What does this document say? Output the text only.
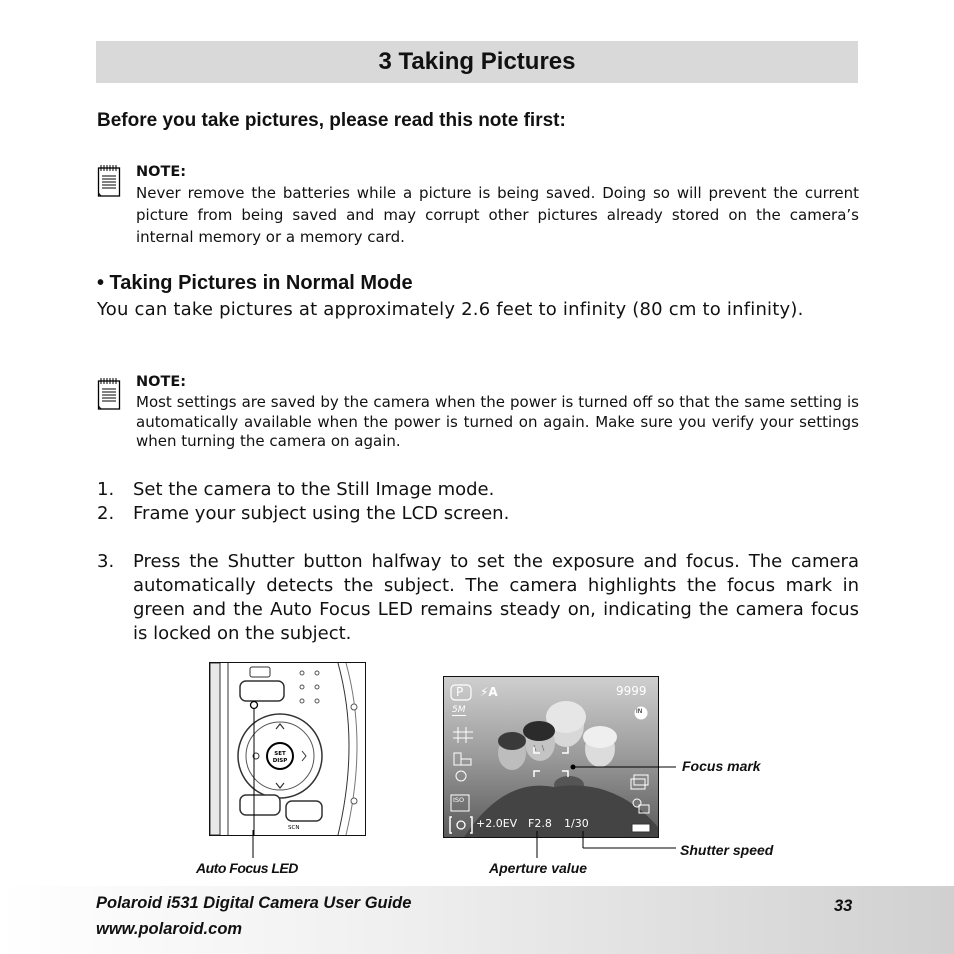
3 Taking Pictures
Before you take pictures, please read this note first:
NOTE:
Never remove the batteries while a picture is being saved. Doing so will prevent the current picture from being saved and may corrupt other pictures already stored on the camera’s internal memory or a memory card.
• Taking Pictures in Normal Mode
You can take pictures at approximately 2.6 feet to infinity (80 cm to infinity).
NOTE:
Most settings are saved by the camera when the power is turned off so that the same setting is automatically available when the power is turned on again. Make sure you verify your settings when turning the camera on again.
1. Set the camera to the Still Image mode.
2. Frame your subject using the LCD screen.
3. Press the Shutter button halfway to set the exposure and focus. The camera automatically detects the subject. The camera highlights the focus mark in green and the Auto Focus LED remains steady on, indicating the camera focus is locked on the subject.
SET
DISP
SCN
P ⚡A	9999
5M	IN
ISO
+2.0EV F2.8 1/30
Focus mark
Shutter speed
Aperture value
Auto Focus LED
Polaroid i531 Digital Camera User Guide
www.polaroid.com
33
